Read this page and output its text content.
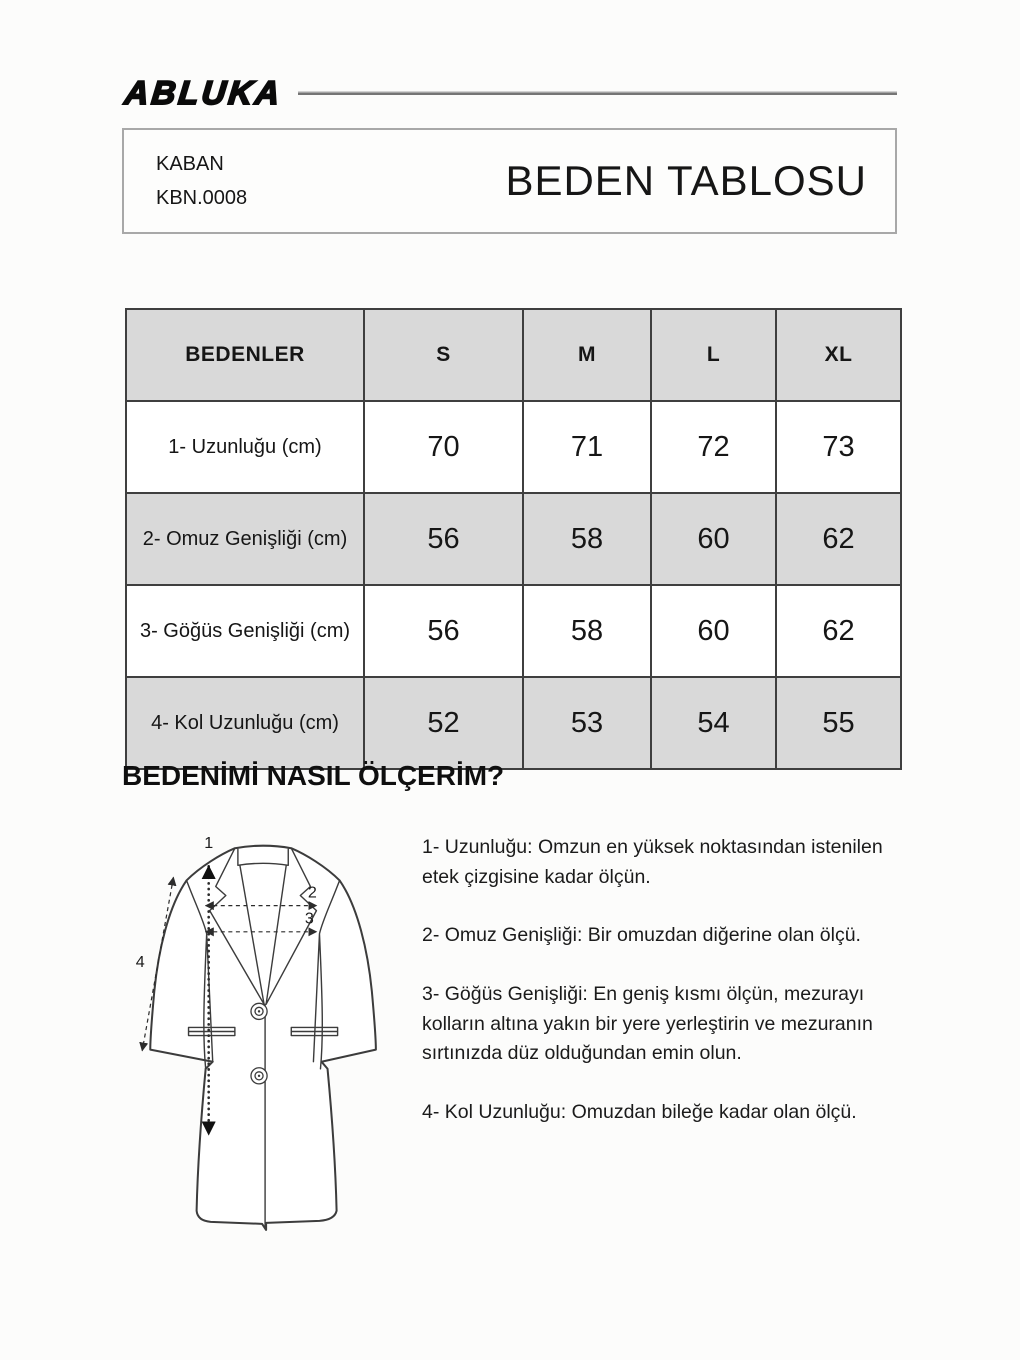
ABLUKA
KABAN
KBN.0008	BEDEN TABLOSU
BEDENLER	S	M	L	XL
1- Uzunluğu (cm)	70	71	72	73
2- Omuz Genişliği (cm)	56	58	60	62
3- Göğüs Genişliği (cm)	56	58	60	62
4- Kol Uzunluğu (cm)	52	53	54	55
BEDENİMİ NASIL ÖLÇERİM?
1
2
3
4

1- Uzunluğu: Omzun en yüksek noktasından istenilen etek çizgisine kadar ölçün.

2- Omuz Genişliği: Bir omuzdan diğerine olan ölçü.

3- Göğüs Genişliği: En geniş kısmı ölçün, mezurayı kolların altına yakın bir yere yerleştirin ve mezuranın sırtınızda düz olduğundan emin olun.

4- Kol Uzunluğu: Omuzdan bileğe kadar olan ölçü.
